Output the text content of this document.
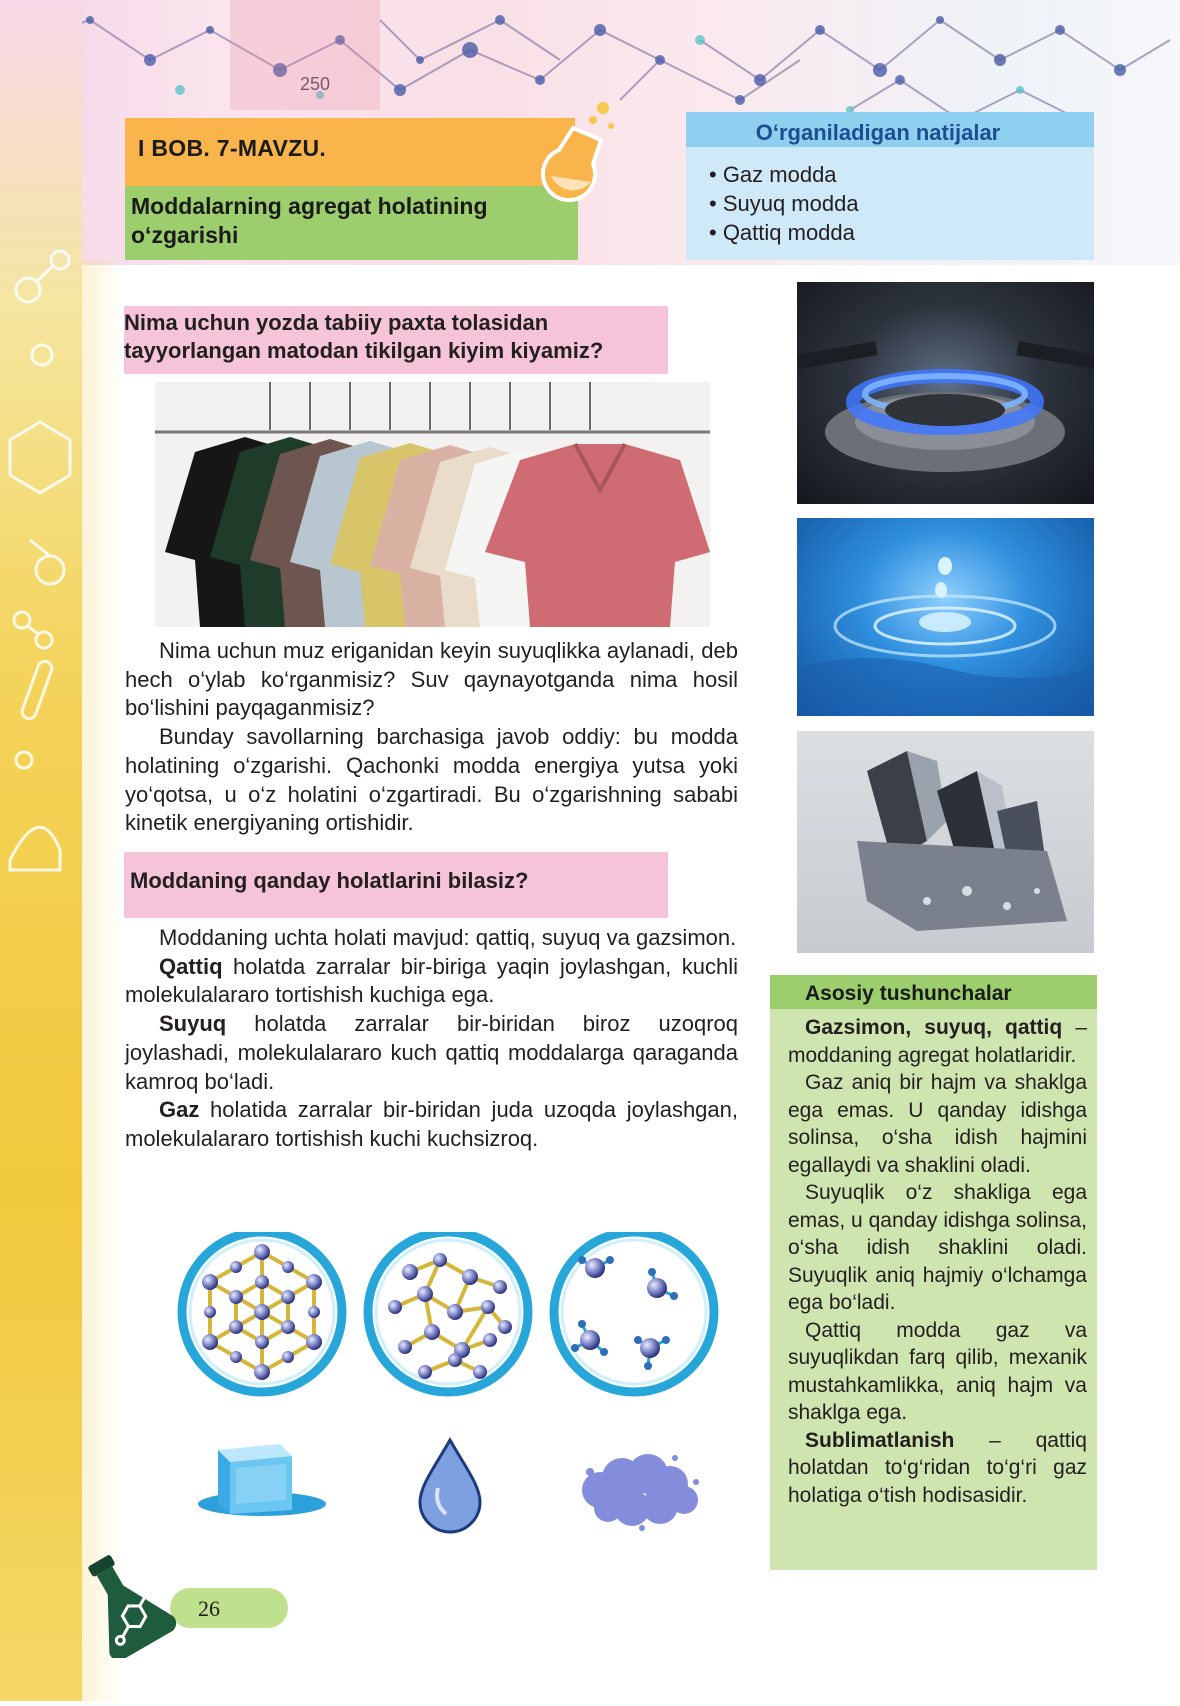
250
I BOB. 7-MAVZU.
Moddalarning agregat holatining o‘zgarishi
O‘rganiladigan natijalar
• Gaz modda
• Suyuq modda
• Qattiq modda
Nima uchun yozda tabiiy paxta tolasidan tayyorlangan matodan tikilgan kiyim kiyamiz?
Nima uchun muz eriganidan keyin suyuqlikka aylanadi, deb hech o‘ylab ko‘rganmisiz? Suv qaynayotganda nima hosil bo‘lishini payqaganmisiz?
Bunday savollarning barchasiga javob oddiy: bu modda holatining o‘zgarishi. Qachonki modda energiya yutsa yoki yo‘qotsa, u o‘z holatini o‘zgartiradi. Bu o‘zgarishning sababi kinetik energiyaning ortishidir.
Moddaning qanday holatlarini bilasiz?
Moddaning uchta holati mavjud: qattiq, suyuq va gazsimon.
Qattiq holatda zarralar bir-biriga yaqin joylashgan, kuchli molekulalararo tortishish kuchiga ega.
Suyuq holatda zarralar bir-biridan biroz uzoqroq joylashadi, molekulalararo kuch qattiq moddalarga qaraganda kamroq bo‘ladi.
Gaz holatida zarralar bir-biridan juda uzoqda joylashgan, molekulalararo tortishish kuchi kuchsizroq.
Asosiy tushunchalar
Gazsimon, suyuq, qattiq – moddaning agregat holatlaridir.
Gaz aniq bir hajm va shaklga ega emas. U qanday idishga solinsa, o‘sha idish hajmini egallaydi va shaklini oladi.
Suyuqlik o‘z shakliga ega emas, u qanday idishga solinsa, o‘sha idish shaklini oladi. Suyuqlik aniq hajmiy o‘lchamga ega bo‘ladi.
Qattiq modda gaz va suyuqlikdan farq qilib, mexanik mustahkamlikka, aniq hajm va shaklga ega.
Sublimatlanish – qattiq holatdan to‘g‘ridan to‘g‘ri gaz holatiga o‘tish hodisasidir.
26
